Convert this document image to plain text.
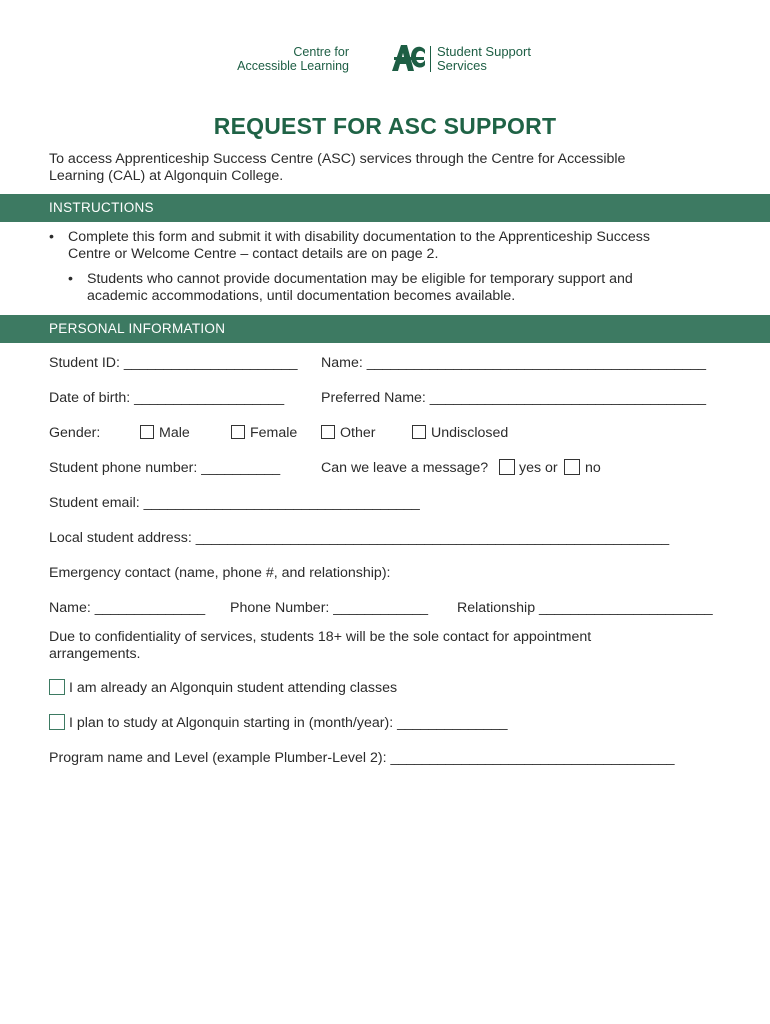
Centre for
Accessible Learning
Student Support
Services
REQUEST FOR ASC SUPPORT
To access Apprenticeship Success Centre (ASC) services through the Centre for Accessible
Learning (CAL) at Algonquin College.
INSTRUCTIONS
• Complete this form and submit it with disability documentation to the Apprenticeship Success
Centre or Welcome Centre – contact details are on page 2.
• Students who cannot provide documentation may be eligible for temporary support and
academic accommodations, until documentation becomes available.
PERSONAL INFORMATION
Student ID: ______________________ Name: ___________________________________________
Date of birth: ___________________	Preferred Name: ___________________________________
Gender:	Male	Female	Other	Undisclosed
Student phone number: __________	Can we leave a message? yes or no
Student email: ___________________________________
Local student address: ____________________________________________________________
Emergency contact (name, phone #, and relationship):
Name: ______________ Phone Number: ____________ Relationship ______________________
Due to confidentiality of services, students 18+ will be the sole contact for appointment
arrangements.
I am already an Algonquin student attending classes
I plan to study at Algonquin starting in (month/year): ______________
Program name and Level (example Plumber-Level 2): ____________________________________
